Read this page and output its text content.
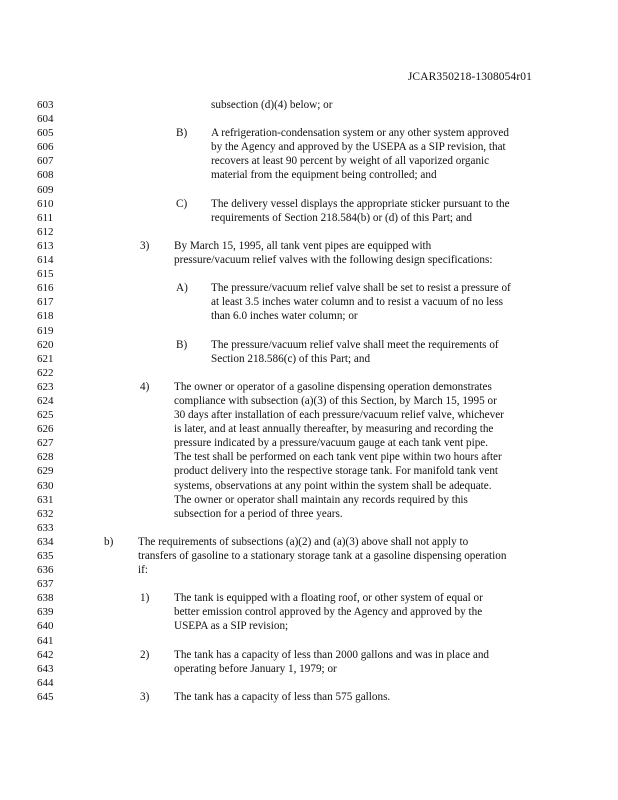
JCAR350218-1308054r01
603	subsection (d)(4) below; or
604
605	B) A refrigeration-condensation system or any other system approved
606	by the Agency and approved by the USEPA as a SIP revision, that
607	recovers at least 90 percent by weight of all vaporized organic
608	material from the equipment being controlled; and
609
610	C) The delivery vessel displays the appropriate sticker pursuant to the
611	requirements of Section 218.584(b) or (d) of this Part; and
612
613	3) By March 15, 1995, all tank vent pipes are equipped with
614	pressure/vacuum relief valves with the following design specifications:
615
616	A) The pressure/vacuum relief valve shall be set to resist a pressure of
617	at least 3.5 inches water column and to resist a vacuum of no less
618	than 6.0 inches water column; or
619
620	B) The pressure/vacuum relief valve shall meet the requirements of
621	Section 218.586(c) of this Part; and
622
623	4) The owner or operator of a gasoline dispensing operation demonstrates
624	compliance with subsection (a)(3) of this Section, by March 15, 1995 or
625	30 days after installation of each pressure/vacuum relief valve, whichever
626	is later, and at least annually thereafter, by measuring and recording the
627	pressure indicated by a pressure/vacuum gauge at each tank vent pipe.
628	The test shall be performed on each tank vent pipe within two hours after
629	product delivery into the respective storage tank. For manifold tank vent
630	systems, observations at any point within the system shall be adequate.
631	The owner or operator shall maintain any records required by this
632	subsection for a period of three years.
633
634	b) The requirements of subsections (a)(2) and (a)(3) above shall not apply to
635	transfers of gasoline to a stationary storage tank at a gasoline dispensing operation
636	if:
637
638	1) The tank is equipped with a floating roof, or other system of equal or
639	better emission control approved by the Agency and approved by the
640	USEPA as a SIP revision;
641
642	2) The tank has a capacity of less than 2000 gallons and was in place and
643	operating before January 1, 1979; or
644
645	3) The tank has a capacity of less than 575 gallons.
